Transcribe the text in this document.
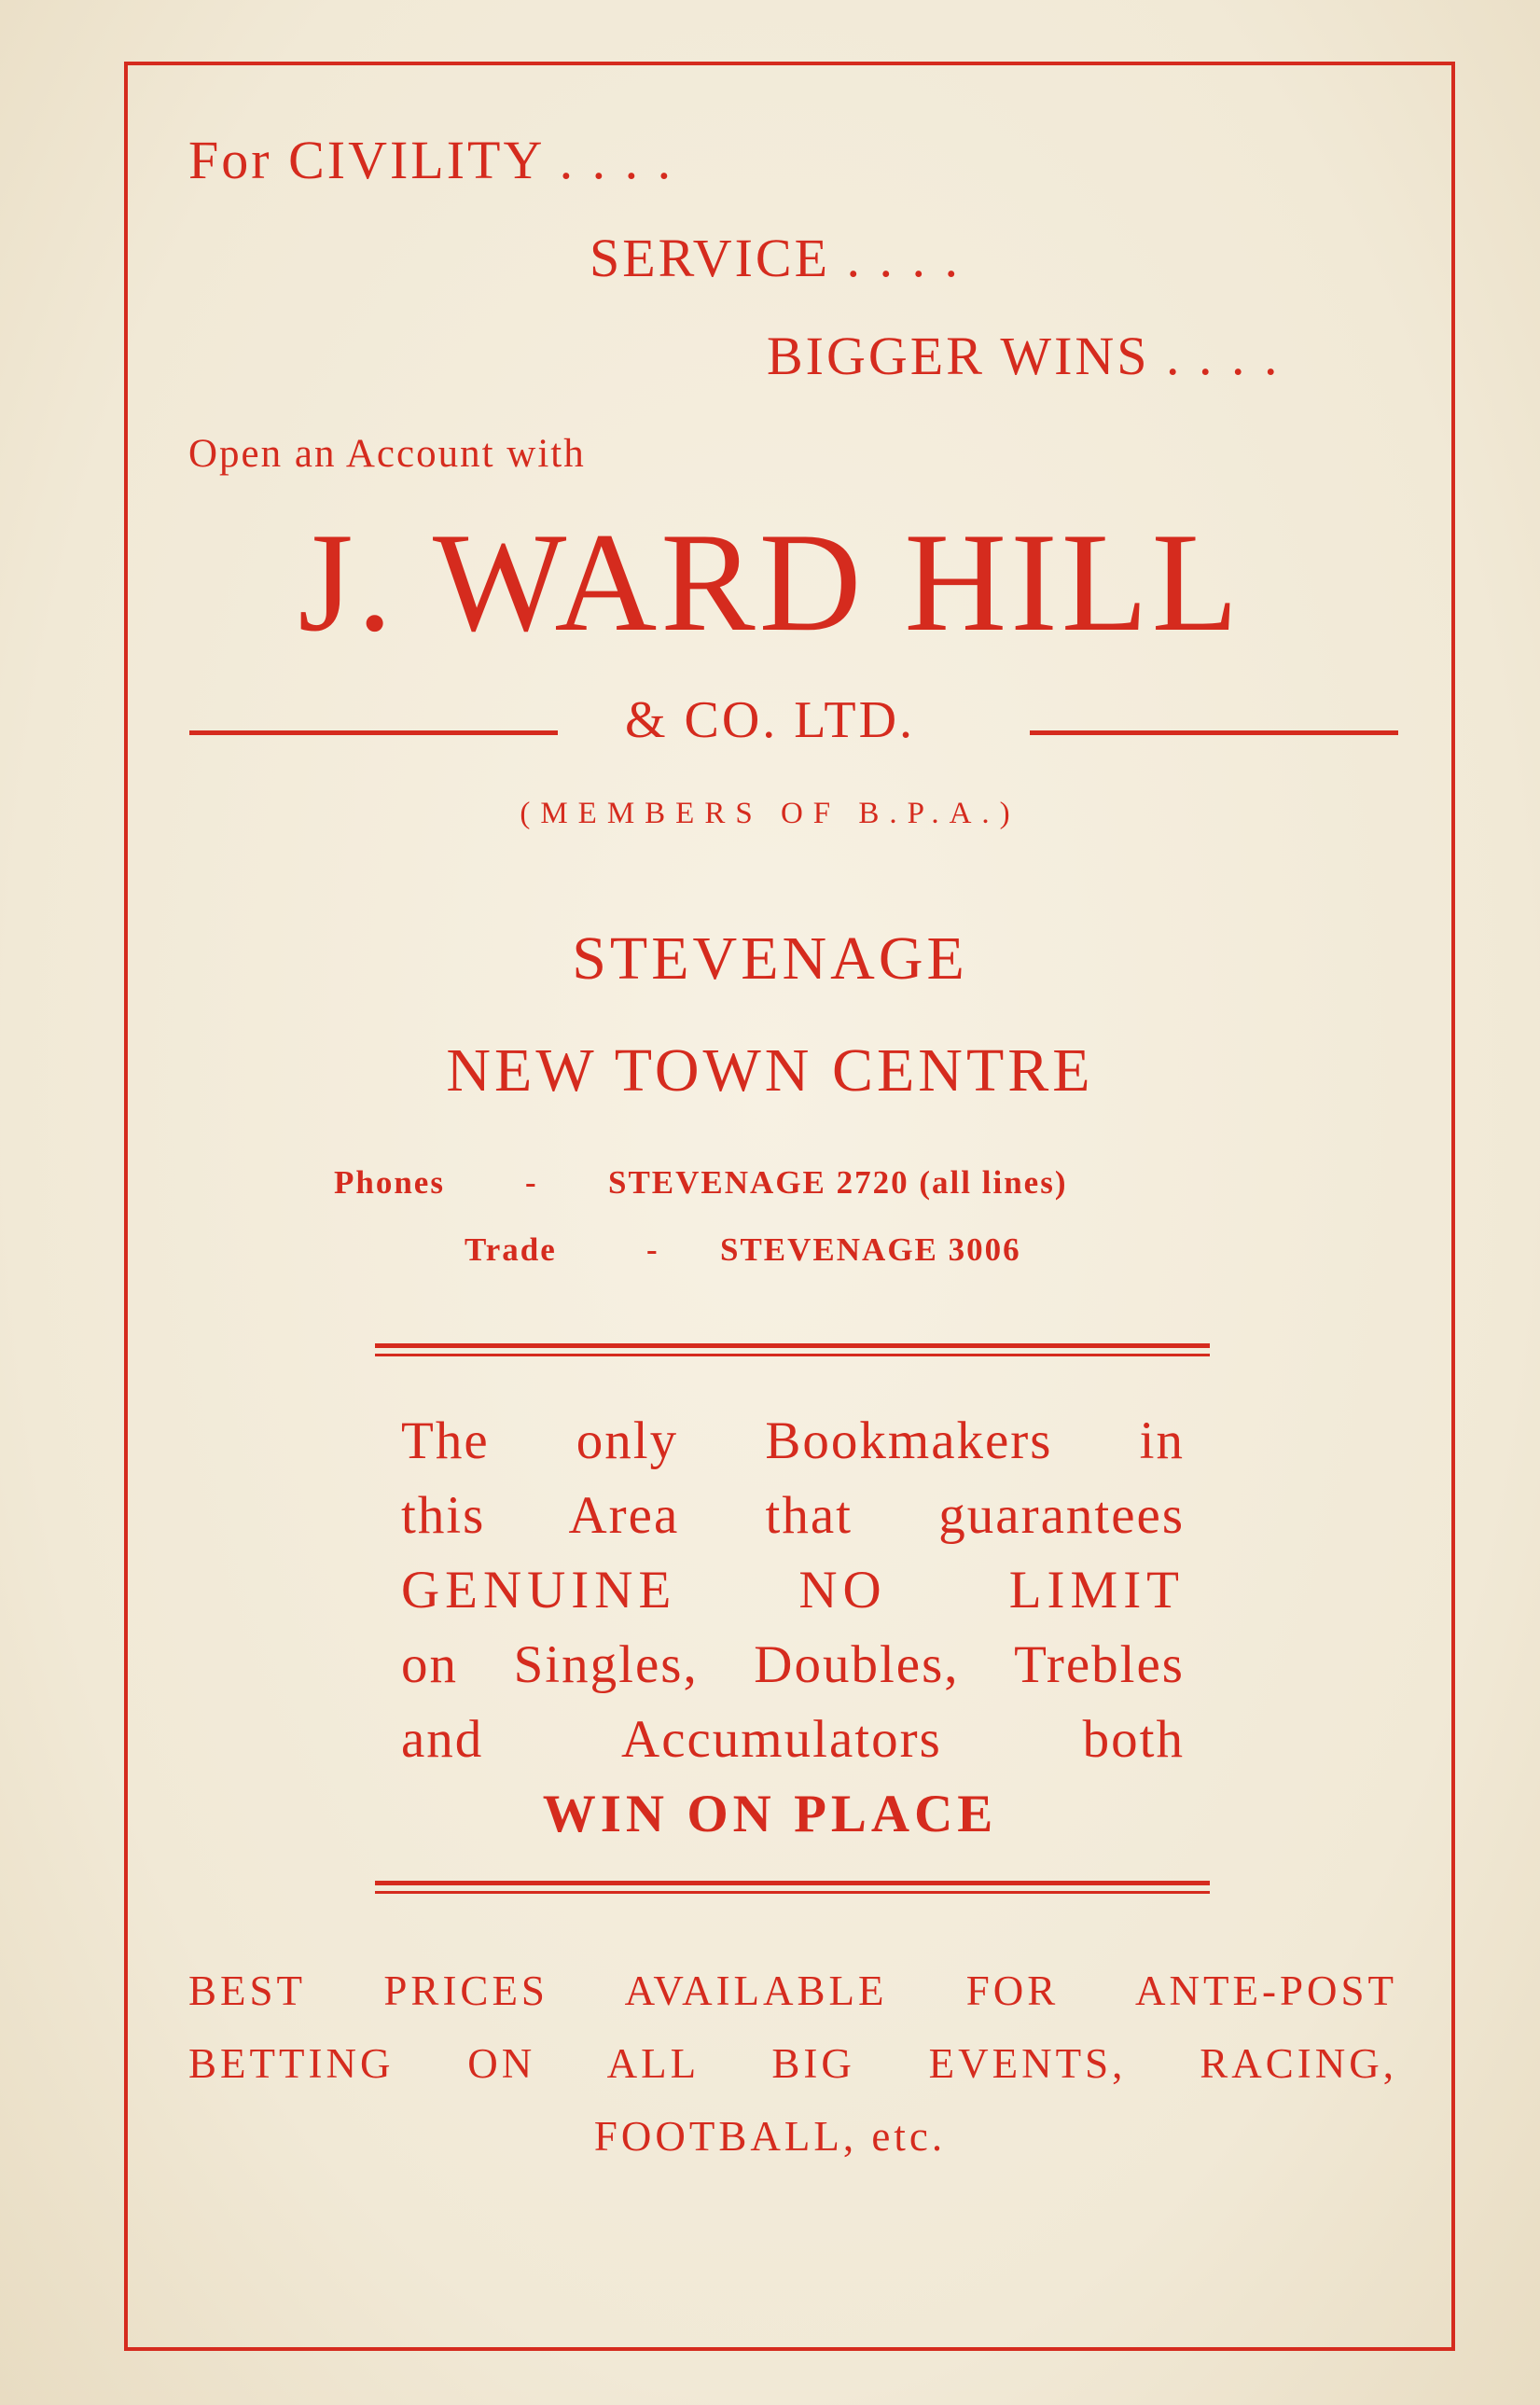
For CIVILITY . . . .
SERVICE . . . .
BIGGER WINS . . . .
Open an Account with
J. WARD HILL
& CO. LTD.
(MEMBERS OF B.P.A.)
STEVENAGE
NEW TOWN CENTRE
Phones - STEVENAGE 2720 (all lines)
Trade	- STEVENAGE 3006
The only Bookmakers in
this Area that guarantees
GENUINE NO LIMIT
on Singles, Doubles, Trebles
and Accumulators both
WIN ON PLACE
BEST PRICES AVAILABLE FOR ANTE-POST
BETTING ON ALL BIG EVENTS, RACING,
FOOTBALL, etc.
